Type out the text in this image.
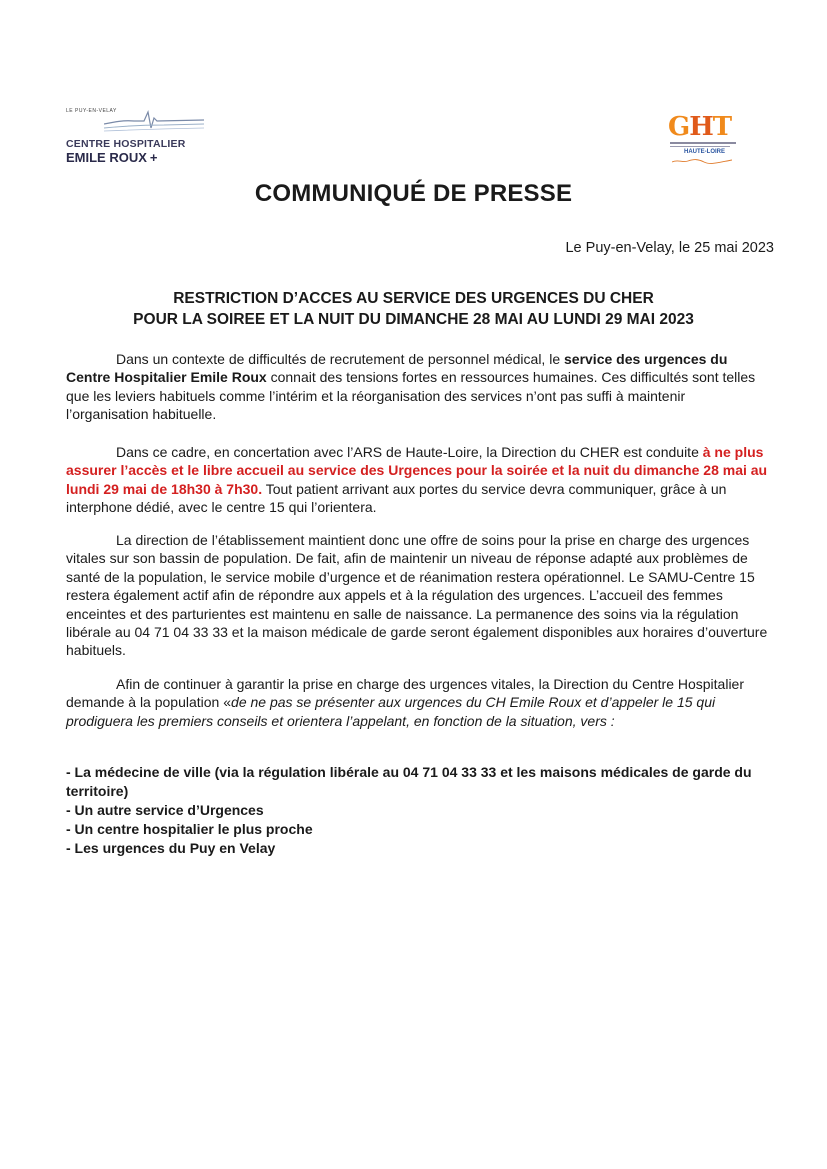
LE PUY-EN-VELAY
CENTRE HOSPITALIER
EMILE ROUX +
GHT
HAUTE-LOIRE
COMMUNIQUÉ DE PRESSE
Le Puy-en-Velay, le 25 mai 2023
RESTRICTION D’ACCES AU SERVICE DES URGENCES DU CHER
POUR LA SOIREE ET LA NUIT DU DIMANCHE 28 MAI AU LUNDI 29 MAI 2023

Dans un contexte de difficultés de recrutement de personnel médical, le service des urgences du Centre Hospitalier Emile Roux connait des tensions fortes en ressources humaines. Ces difficultés sont telles que les leviers habituels comme l’intérim et la réorganisation des services n’ont pas suffi à maintenir l’organisation habituelle.

Dans ce cadre, en concertation avec l’ARS de Haute-Loire, la Direction du CHER est conduite à ne plus assurer l’accès et le libre accueil au service des Urgences pour la soirée et la nuit du dimanche 28 mai au lundi 29 mai de 18h30 à 7h30. Tout patient arrivant aux portes du service devra communiquer, grâce à un interphone dédié, avec le centre 15 qui l’orientera.

La direction de l’établissement maintient donc une offre de soins pour la prise en charge des urgences vitales sur son bassin de population. De fait, afin de maintenir un niveau de réponse adapté aux problèmes de santé de la population, le service mobile d’urgence et de réanimation restera opérationnel. Le SAMU-Centre 15 restera également actif afin de répondre aux appels et à la régulation des urgences. L’accueil des femmes enceintes et des parturientes est maintenu en salle de naissance. La permanence des soins via la régulation libérale au 04 71 04 33 33 et la maison médicale de garde seront également disponibles aux horaires d’ouverture habituels.

Afin de continuer à garantir la prise en charge des urgences vitales, la Direction du Centre Hospitalier demande à la population «de ne pas se présenter aux urgences du CH Emile Roux et d’appeler le 15 qui prodiguera les premiers conseils et orientera l’appelant, en fonction de la situation, vers :

- La médecine de ville (via la régulation libérale au 04 71 04 33 33 et les maisons médicales de garde du territoire)
- Un autre service d’Urgences
- Un centre hospitalier le plus proche
- Les urgences du Puy en Velay
